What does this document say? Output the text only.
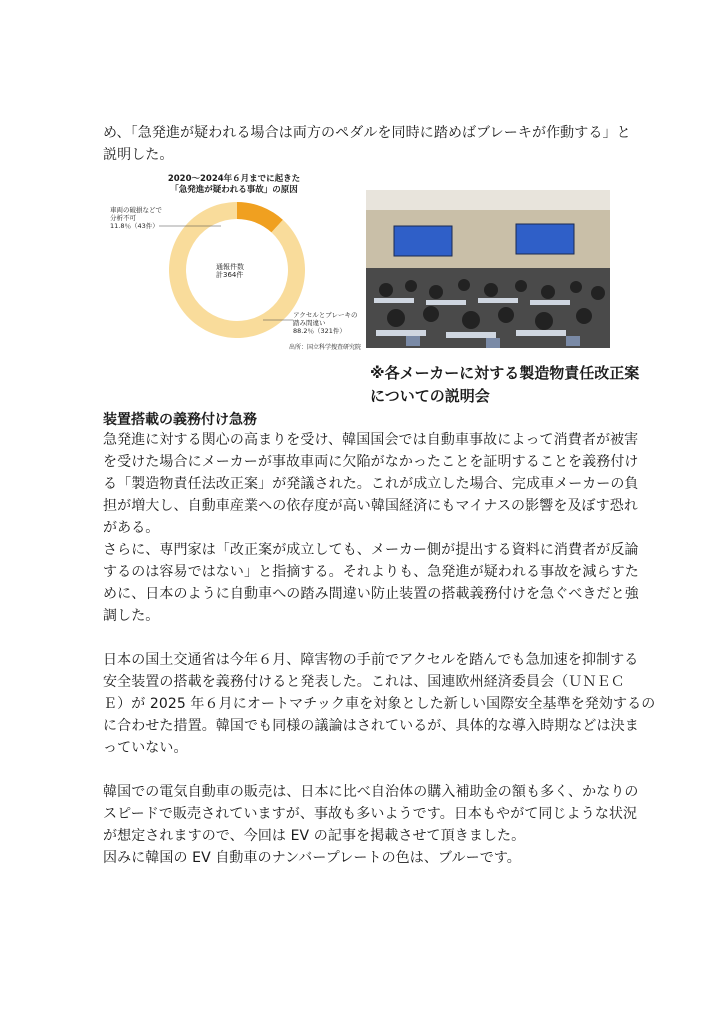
め、「急発進が疑われる場合は両方のペダルを同時に踏めばブレーキが作動する」と
説明した。
2020〜2024年６月までに起きた
「急発進が疑われる事故」の原因
車両の破損などで
分析不可
11.8％（43件）
通報件数
計364件
アクセルとブレーキの
踏み間違い
88.2％（321件）
出所：国立科学捜査研究院
※各メーカーに対する製造物責任改正案
についての説明会
装置搭載の義務付け急務
急発進に対する関心の高まりを受け、韓国国会では自動車事故によって消費者が被害
を受けた場合にメーカーが事故車両に欠陥がなかったことを証明することを義務付け
る「製造物責任法改正案」が発議された。これが成立した場合、完成車メーカーの負
担が増大し、自動車産業への依存度が高い韓国経済にもマイナスの影響を及ぼす恐れ
がある。
さらに、専門家は「改正案が成立しても、メーカー側が提出する資料に消費者が反論
するのは容易ではない」と指摘する。それよりも、急発進が疑われる事故を減らすた
めに、日本のように自動車への踏み間違い防止装置の搭載義務付けを急ぐべきだと強
調した。
日本の国土交通省は今年６月、障害物の手前でアクセルを踏んでも急加速を抑制する
安全装置の搭載を義務付けると発表した。これは、国連欧州経済委員会（ＵＮＥＣ
Ｅ）が 2025 年６月にオートマチック車を対象とした新しい国際安全基準を発効するの
に合わせた措置。韓国でも同様の議論はされているが、具体的な導入時期などは決ま
っていない。
韓国での電気自動車の販売は、日本に比べ自治体の購入補助金の額も多く、かなりの
スピードで販売されていますが、事故も多いようです。日本もやがて同じような状況
が想定されますので、今回は EV の記事を掲載させて頂きました。
因みに韓国の EV 自動車のナンバープレートの色は、ブルーです。
